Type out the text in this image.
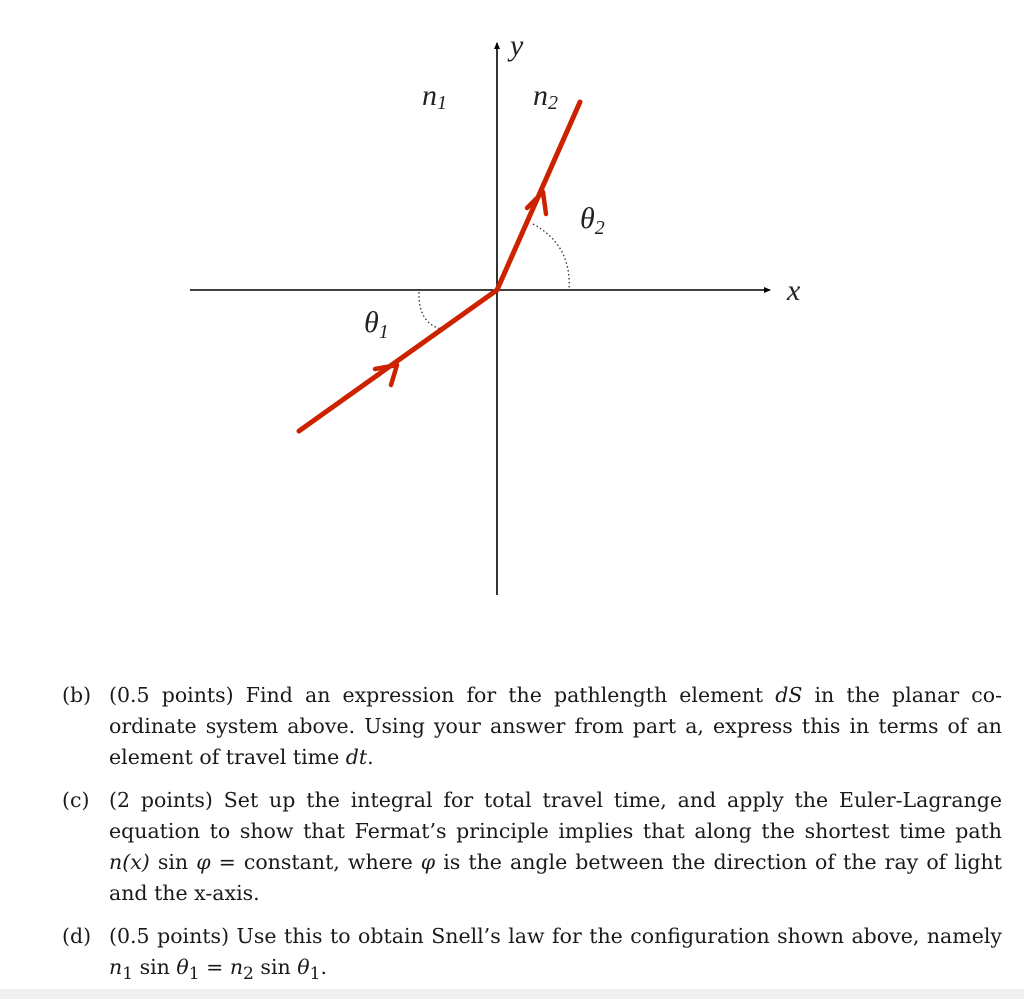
y
x
n1	n2
$\theta_2$
$\theta_1$
(b) (0.5 points) Find an expression for the pathlength element dS in the planar co-ordinate system above. Using your answer from part a, express this in terms of an element of travel time dt.
(c) (2 points) Set up the integral for total travel time, and apply the Euler-Lagrange equation to show that Fermat’s principle implies that along the shortest time path n(x) sin φ = constant, where φ is the angle between the direction of the ray of light and the x-axis.
(d) (0.5 points) Use this to obtain Snell’s law for the configuration shown above, namely $n_1$ $\sin \theta_1 = n_2$ $\sin \theta_1$.
